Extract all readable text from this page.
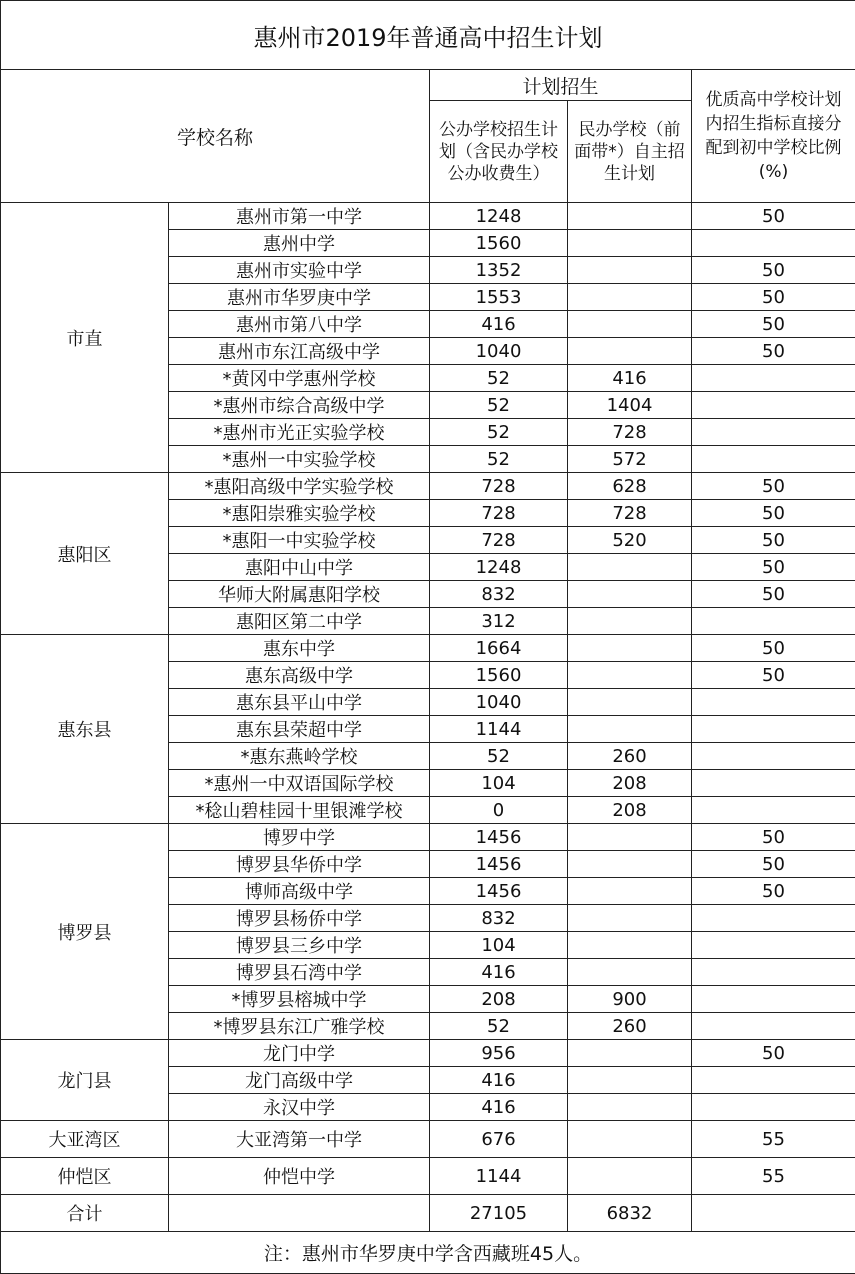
惠州市2019年普通高中招生计划				
学校名称		计划招生		优质高中学校计划内招生指标直接分配到初中学校比例(%)
		公办学校招生计划（含民办学校公办收费生）	民办学校（前面带*）自主招生计划	
市直	惠州市第一中学	1248		50
	惠州中学	1560		
	惠州市实验中学	1352		50
	惠州市华罗庚中学	1553		50
	惠州市第八中学	416		50
	惠州市东江高级中学	1040		50
	*黄冈中学惠州学校	52	416	
	*惠州市综合高级中学	52	1404	
	*惠州市光正实验学校	52	728	
	*惠州一中实验学校	52	572	
惠阳区	*惠阳高级中学实验学校	728	628	50
	*惠阳崇雅实验学校	728	728	50
	*惠阳一中实验学校	728	520	50
	惠阳中山中学	1248		50
	华师大附属惠阳学校	832		50
	惠阳区第二中学	312		
惠东县	惠东中学	1664		50
	惠东高级中学	1560		50
	惠东县平山中学	1040		
	惠东县荣超中学	1144		
	*惠东燕岭学校	52	260	
	*惠州一中双语国际学校	104	208	
	*稔山碧桂园十里银滩学校	0	208	
博罗县	博罗中学	1456		50
	博罗县华侨中学	1456		50
	博师高级中学	1456		50
	博罗县杨侨中学	832		
	博罗县三乡中学	104		
	博罗县石湾中学	416		
	*博罗县榕城中学	208	900	
	*博罗县东江广雅学校	52	260	
龙门县	龙门中学	956		50
	龙门高级中学	416		
	永汉中学	416		
大亚湾区	大亚湾第一中学	676		55
仲恺区	仲恺中学	1144		55
合计		27105	6832	
注：惠州市华罗庚中学含西藏班45人。				
